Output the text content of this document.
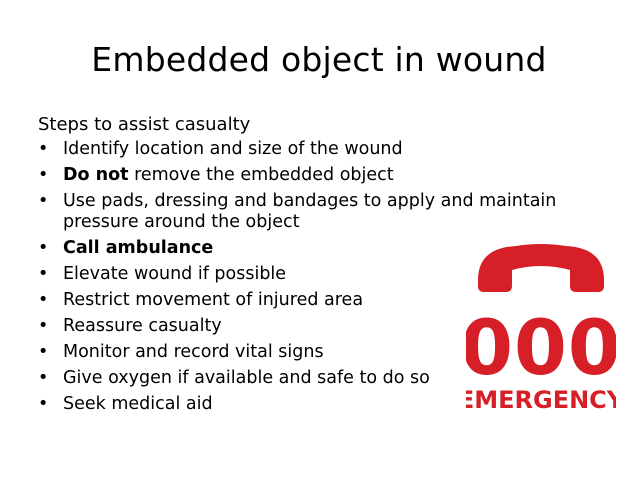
Embedded object in wound
Steps to assist casualty
• Identify location and size of the wound
• Do not remove the embedded object
• Use pads, dressing and bandages to apply and maintain pressure around the object
• Call ambulance
• Elevate wound if possible
• Restrict movement of injured area
• Reassure casualty
• Monitor and record vital signs
• Give oxygen if available and safe to do so
• Seek medical aid
000
EMERGENCY
